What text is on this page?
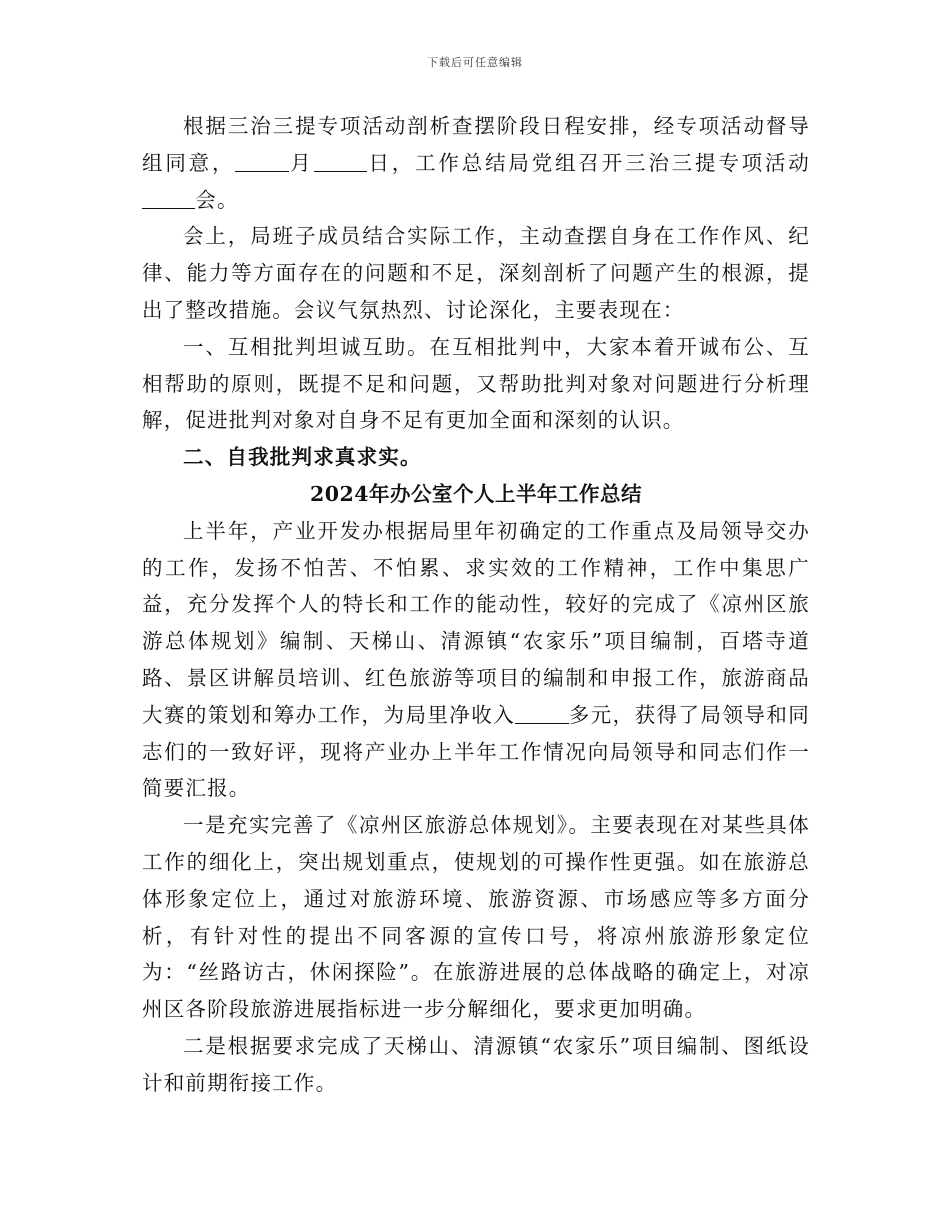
下载后可任意编辑

根据三治三提专项活动剖析查摆阶段日程安排，经专项活动督导组同意，	月	日，工作总结局党组召开三治三提专项活动会。

会上，局班子成员结合实际工作，主动查摆自身在工作作风、纪律、能力等方面存在的问题和不足，深刻剖析了问题产生的根源，提出了整改措施。会议气氛热烈、讨论深化，主要表现在：

一、互相批判坦诚互助。在互相批判中，大家本着开诚布公、互相帮助的原则，既提不足和问题，又帮助批判对象对问题进行分析理解，促进批判对象对自身不足有更加全面和深刻的认识。

二、自我批判求真求实。

2024年办公室个人上半年工作总结

上半年，产业开发办根据局里年初确定的工作重点及局领导交办的工作，发扬不怕苦、不怕累、求实效的工作精神，工作中集思广益，充分发挥个人的特长和工作的能动性，较好的完成了《凉州区旅游总体规划》编制、天梯山、清源镇“农家乐”项目编制，百塔寺道路、景区讲解员培训、红色旅游等项目的编制和申报工作，旅游商品大赛的策划和筹办工作，为局里净收入	多元，获得了局领导和同志们的一致好评，现将产业办上半年工作情况向局领导和同志们作一简要汇报。

一是充实完善了《凉州区旅游总体规划》。主要表现在对某些具体工作的细化上，突出规划重点，使规划的可操作性更强。如在旅游总体形象定位上，通过对旅游环境、旅游资源、市场感应等多方面分析，有针对性的提出不同客源的宣传口号，将凉州旅游形象定位为：“丝路访古，休闲探险”。在旅游进展的总体战略的确定上，对凉州区各阶段旅游进展指标进一步分解细化，要求更加明确。

二是根据要求完成了天梯山、清源镇“农家乐”项目编制、图纸设计和前期衔接工作。
